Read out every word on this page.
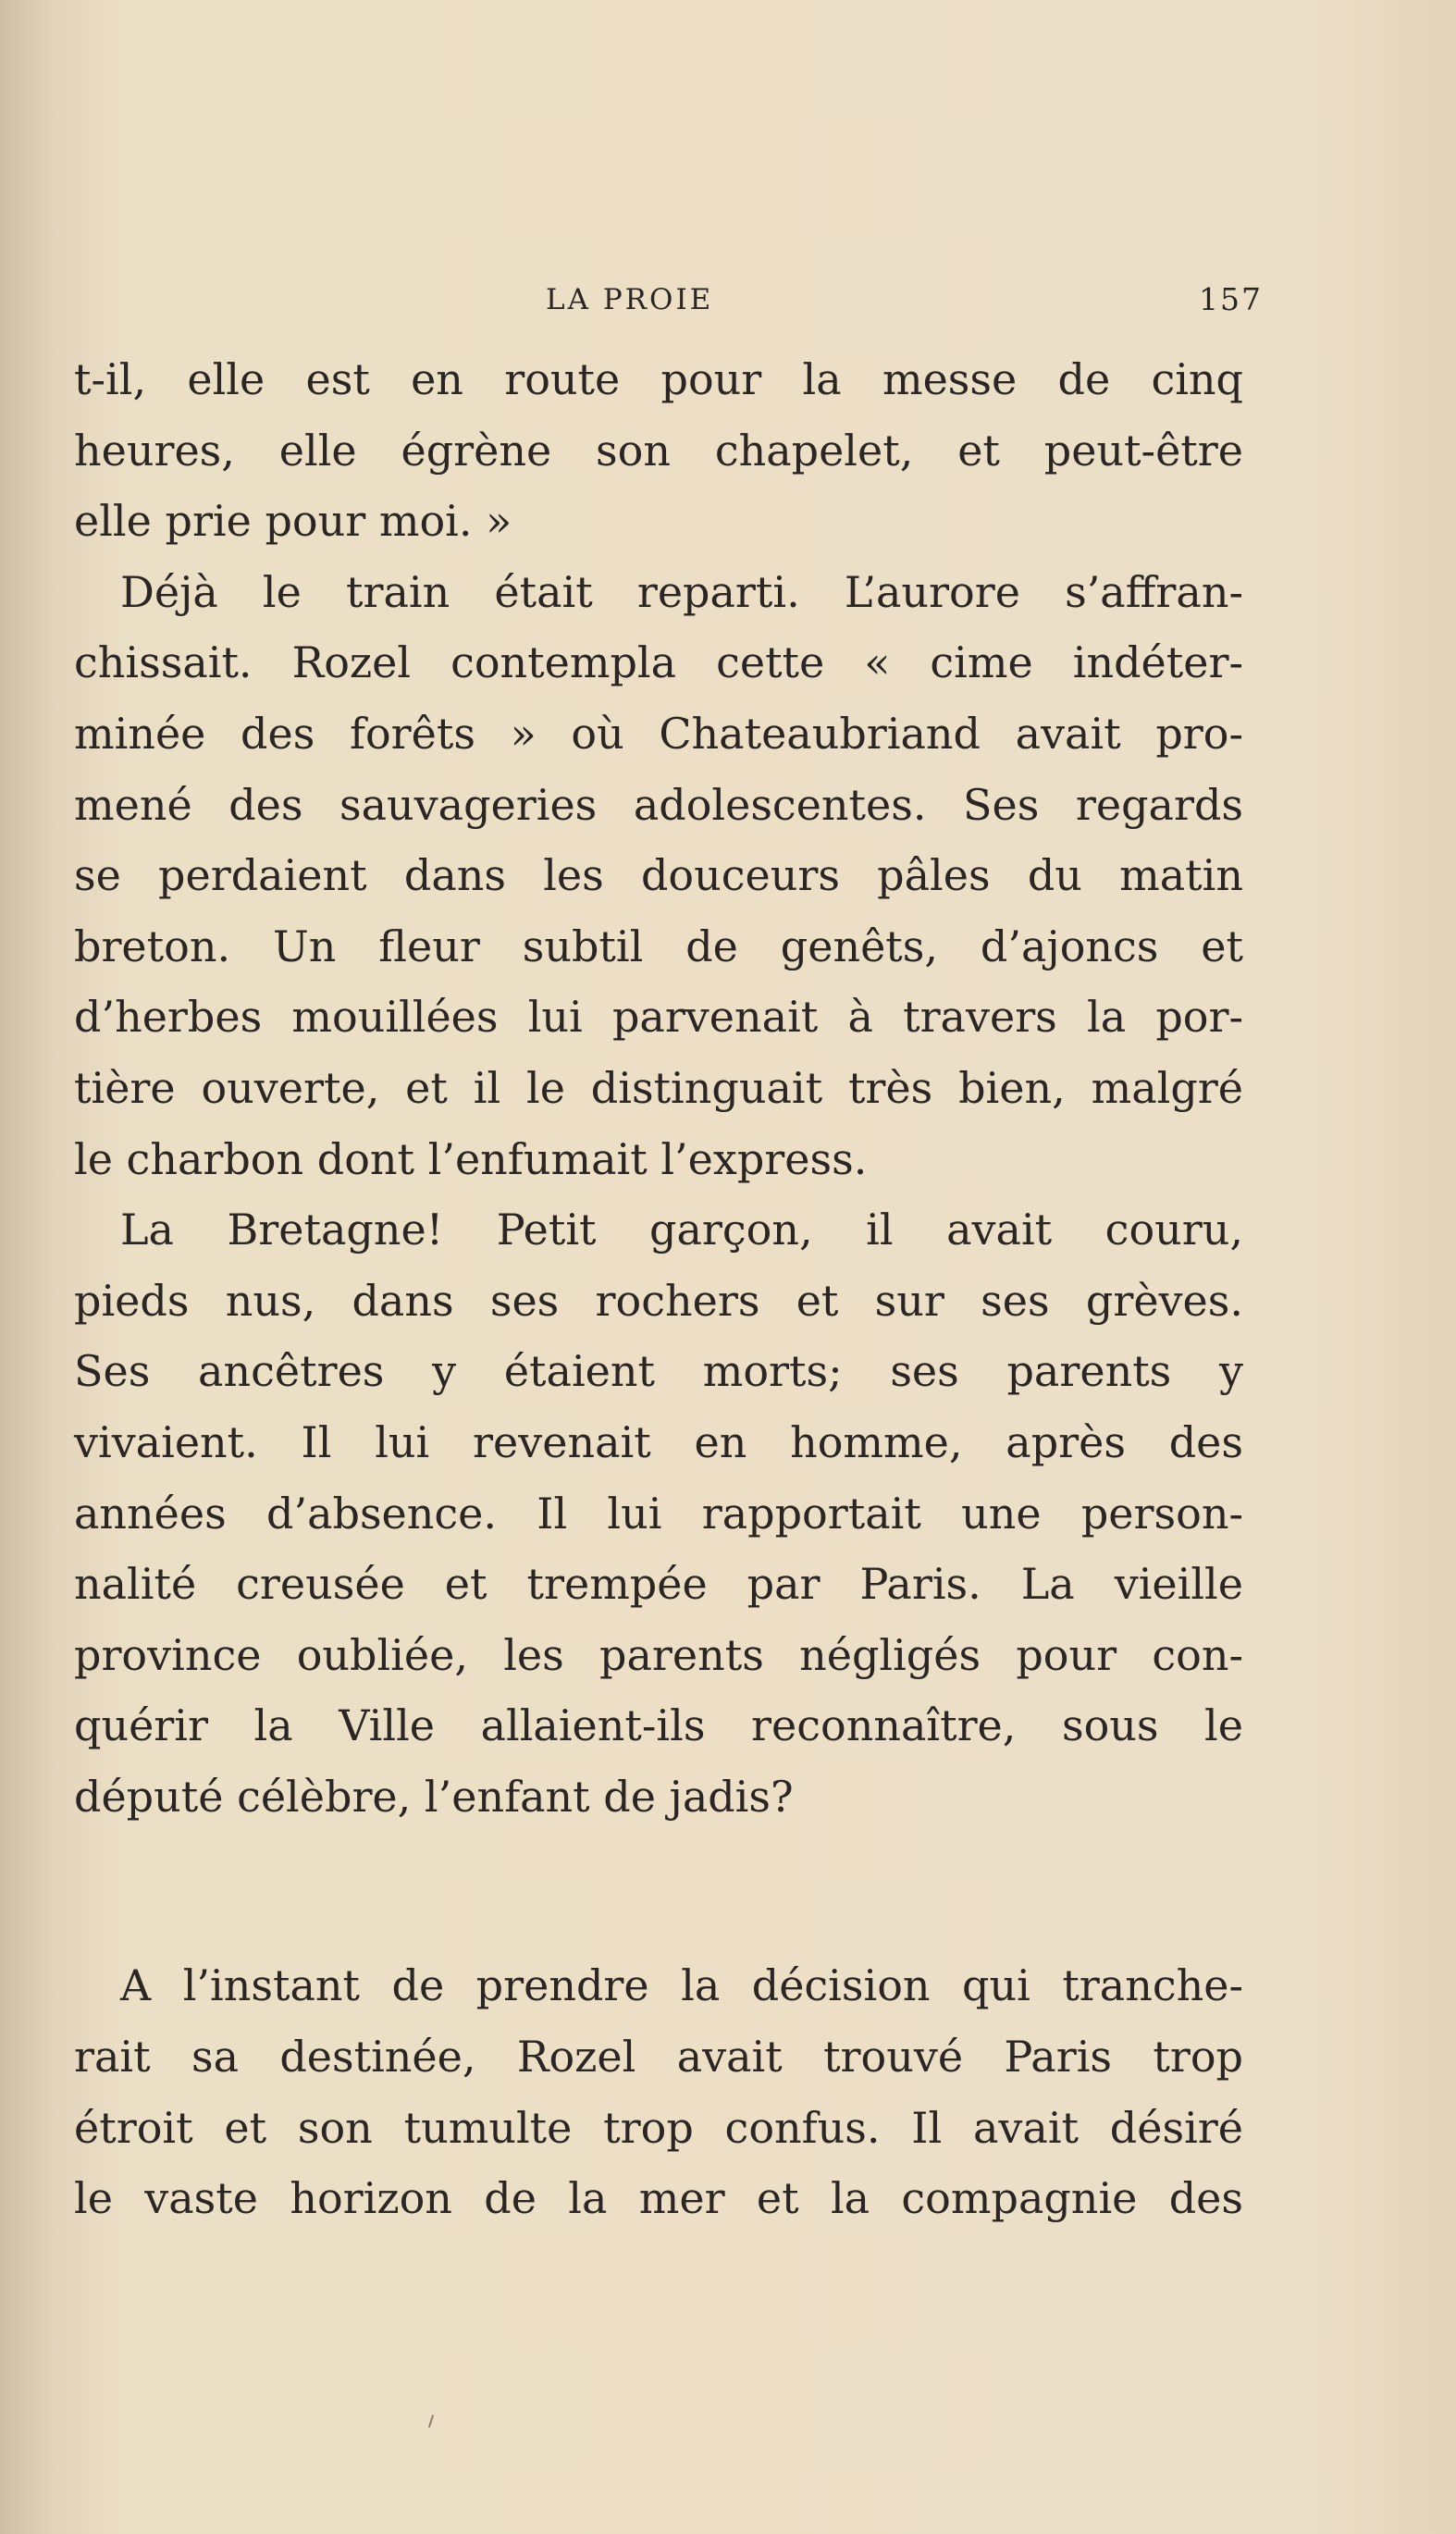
LA PROIE	157
t-il, elle est en route pour la messe de cinq
heures, elle égrène son chapelet, et peut-être
elle prie pour moi. »
Déjà le train était reparti. L’aurore s’affran-
chissait. Rozel contempla cette « cime indéter-
minée des forêts » où Chateaubriand avait pro-
mené des sauvageries adolescentes. Ses regards
se perdaient dans les douceurs pâles du matin
breton. Un fleur subtil de genêts, d’ajoncs et
d’herbes mouillées lui parvenait à travers la por-
tière ouverte, et il le distinguait très bien, malgré
le charbon dont l’enfumait l’express.
La Bretagne! Petit garçon, il avait couru,
pieds nus, dans ses rochers et sur ses grèves.
Ses ancêtres y étaient morts; ses parents y
vivaient. Il lui revenait en homme, après des
années d’absence. Il lui rapportait une person-
nalité creusée et trempée par Paris. La vieille
province oubliée, les parents négligés pour con-
quérir la Ville allaient-ils reconnaître, sous le
député célèbre, l’enfant de jadis?
A l’instant de prendre la décision qui tranche-
rait sa destinée, Rozel avait trouvé Paris trop
étroit et son tumulte trop confus. Il avait désiré
le vaste horizon de la mer et la compagnie des
